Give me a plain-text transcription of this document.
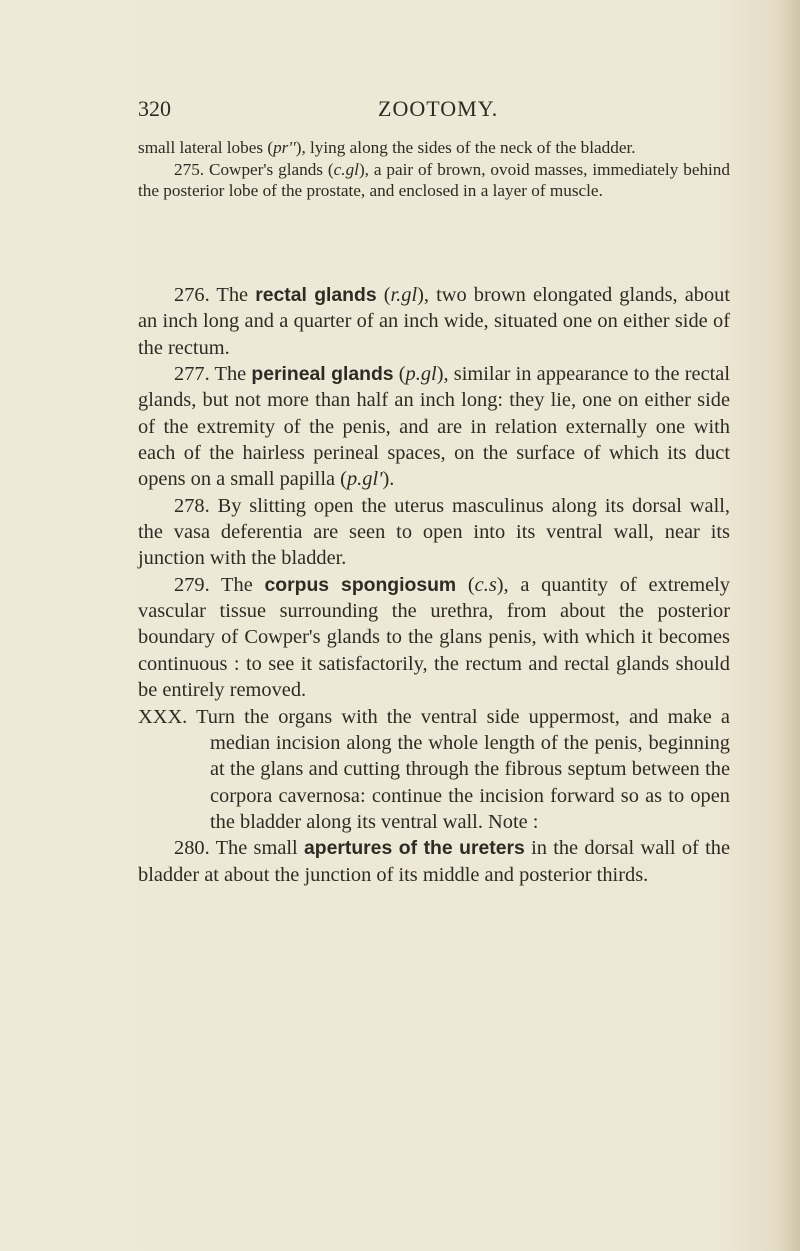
320	ZOOTOMY.

small lateral lobes (pr''), lying along the sides of the neck of the bladder.

275. Cowper's glands (c.gl), a pair of brown, ovoid masses, immediately behind the posterior lobe of the prostate, and enclosed in a layer of muscle.

276. The rectal glands (r.gl), two brown elongated glands, about an inch long and a quarter of an inch wide, situated one on either side of the rectum.

277. The perineal glands (p.gl), similar in appearance to the rectal glands, but not more than half an inch long: they lie, one on either side of the extremity of the penis, and are in relation externally one with each of the hairless perineal spaces, on the surface of which its duct opens on a small papilla (p.gl').

278. By slitting open the uterus masculinus along its dorsal wall, the vasa deferentia are seen to open into its ventral wall, near its junction with the bladder.

279. The corpus spongiosum (c.s), a quantity of extremely vascular tissue surrounding the urethra, from about the posterior boundary of Cowper's glands to the glans penis, with which it becomes continuous : to see it satisfactorily, the rectum and rectal glands should be entirely removed.

XXX. Turn the organs with the ventral side uppermost, and make a median incision along the whole length of the penis, beginning at the glans and cutting through the fibrous septum between the corpora cavernosa: continue the incision forward so as to open the bladder along its ventral wall. Note :

280. The small apertures of the ureters in the dorsal wall of the bladder at about the junction of its middle and posterior thirds.
